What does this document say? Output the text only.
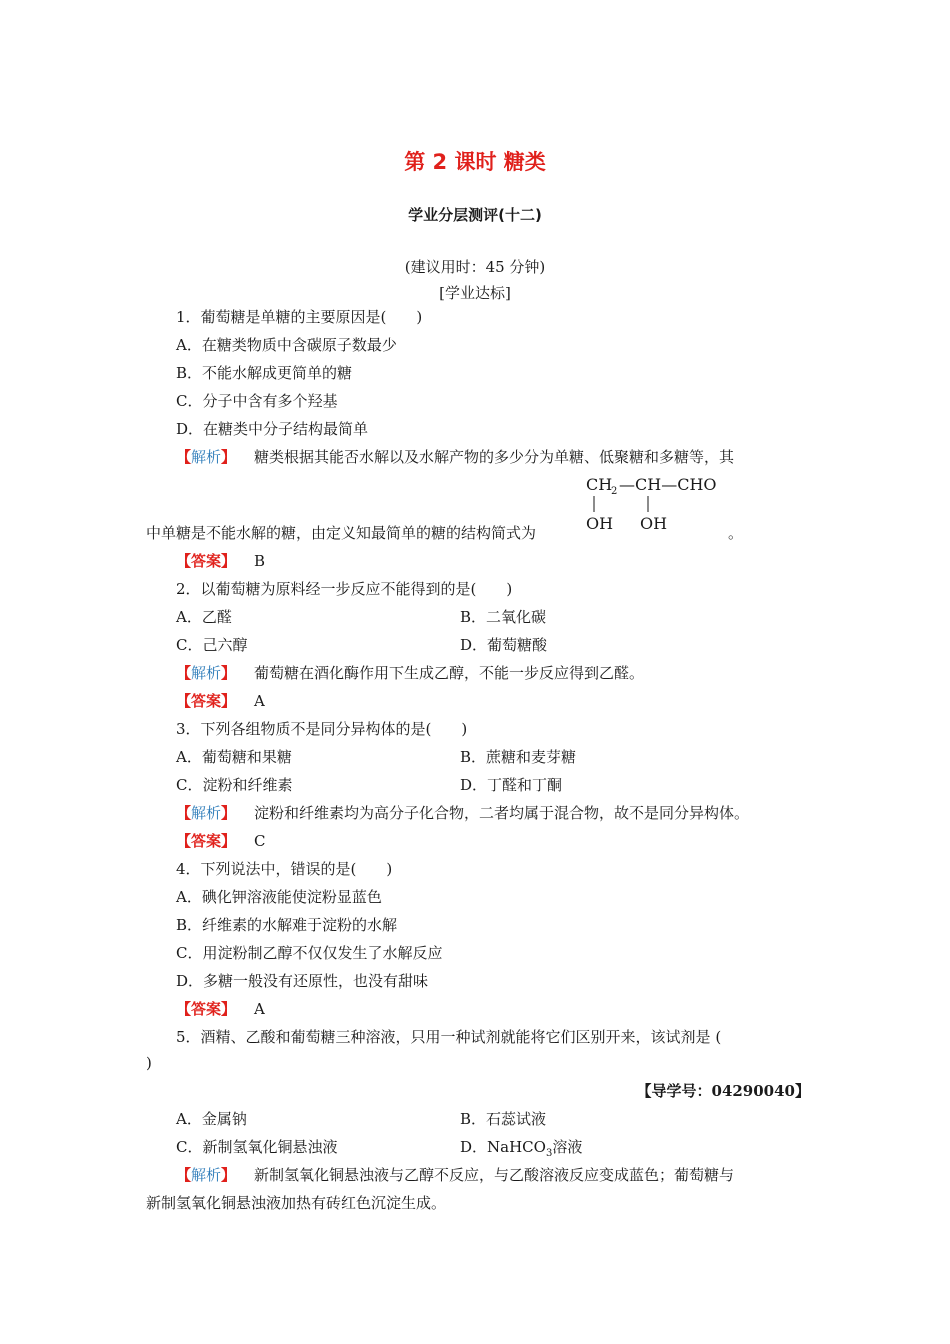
第 2 课时 糖类
学业分层测评(十二)
(建议用时：45 分钟)
[学业达标]
1．葡萄糖是单糖的主要原因是(　　)
A．在糖类物质中含碳原子数最少
B．不能水解成更简单的糖
C．分子中含有多个羟基
D．在糖类中分子结构最简单
【解析】 糖类根据其能否水解以及水解产物的多少分为单糖、低聚糖和多糖等，其
CH
2 —CH—CHO
OH OH
中单糖是不能水解的糖，由定义知最简单的糖的结构简式为	。
【答案】 B
2．以葡萄糖为原料经一步反应不能得到的是(　　)
A．乙醛	B．二氧化碳
C．己六醇	D．葡萄糖酸
【解析】 葡萄糖在酒化酶作用下生成乙醇，不能一步反应得到乙醛。
【答案】 A
3．下列各组物质不是同分异构体的是(　　)
A．葡萄糖和果糖	B．蔗糖和麦芽糖
C．淀粉和纤维素	D．丁醛和丁酮
【解析】 淀粉和纤维素均为高分子化合物，二者均属于混合物，故不是同分异构体。
【答案】 C
4．下列说法中，错误的是(　　)
A．碘化钾溶液能使淀粉显蓝色
B．纤维素的水解难于淀粉的水解
C．用淀粉制乙醇不仅仅发生了水解反应
D．多糖一般没有还原性，也没有甜味
【答案】 A
5．酒精、乙酸和葡萄糖三种溶液，只用一种试剂就能将它们区别开来，该试剂是 (
)
【导学号：04290040】
A．金属钠	B．石蕊试液
C．新制氢氧化铜悬浊液	D．NaHCO$_3$溶液
【解析】 新制氢氧化铜悬浊液与乙醇不反应，与乙酸溶液反应变成蓝色；葡萄糖与
新制氢氧化铜悬浊液加热有砖红色沉淀生成。
